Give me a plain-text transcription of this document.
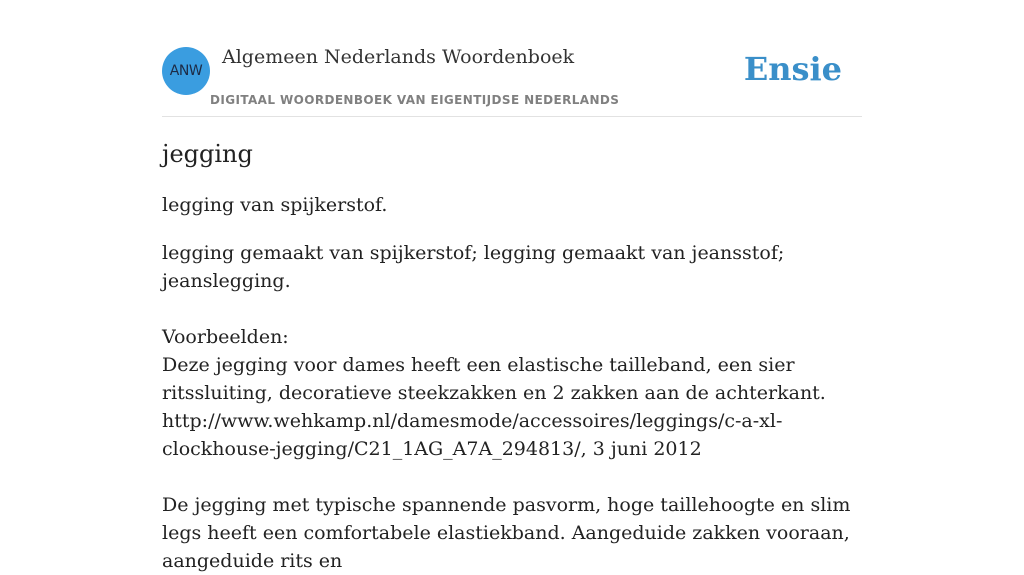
ANW
Algemeen Nederlands Woordenboek
DIGITAAL WOORDENBOEK VAN EIGENTIJDSE NEDERLANDS
Ensie
jegging
legging van spijkerstof.

legging gemaakt van spijkerstof; legging gemaakt van jeansstof; jeanslegging.

Voorbeelden:

Deze jegging voor dames heeft een elastische tailleband, een sier ritssluiting, decoratieve steekzakken en 2 zakken aan de achterkant.

http://www.wehkamp.nl/damesmode/accessoires/leggings/c-a-xl-clockhouse-jegging/C21_1AG_A7A_294813/, 3 juni 2012

De jegging met typische spannende pasvorm, hoge taillehoogte en slim legs heeft een comfortabele elastiekband. Aangeduide zakken vooraan, aangeduide rits en
